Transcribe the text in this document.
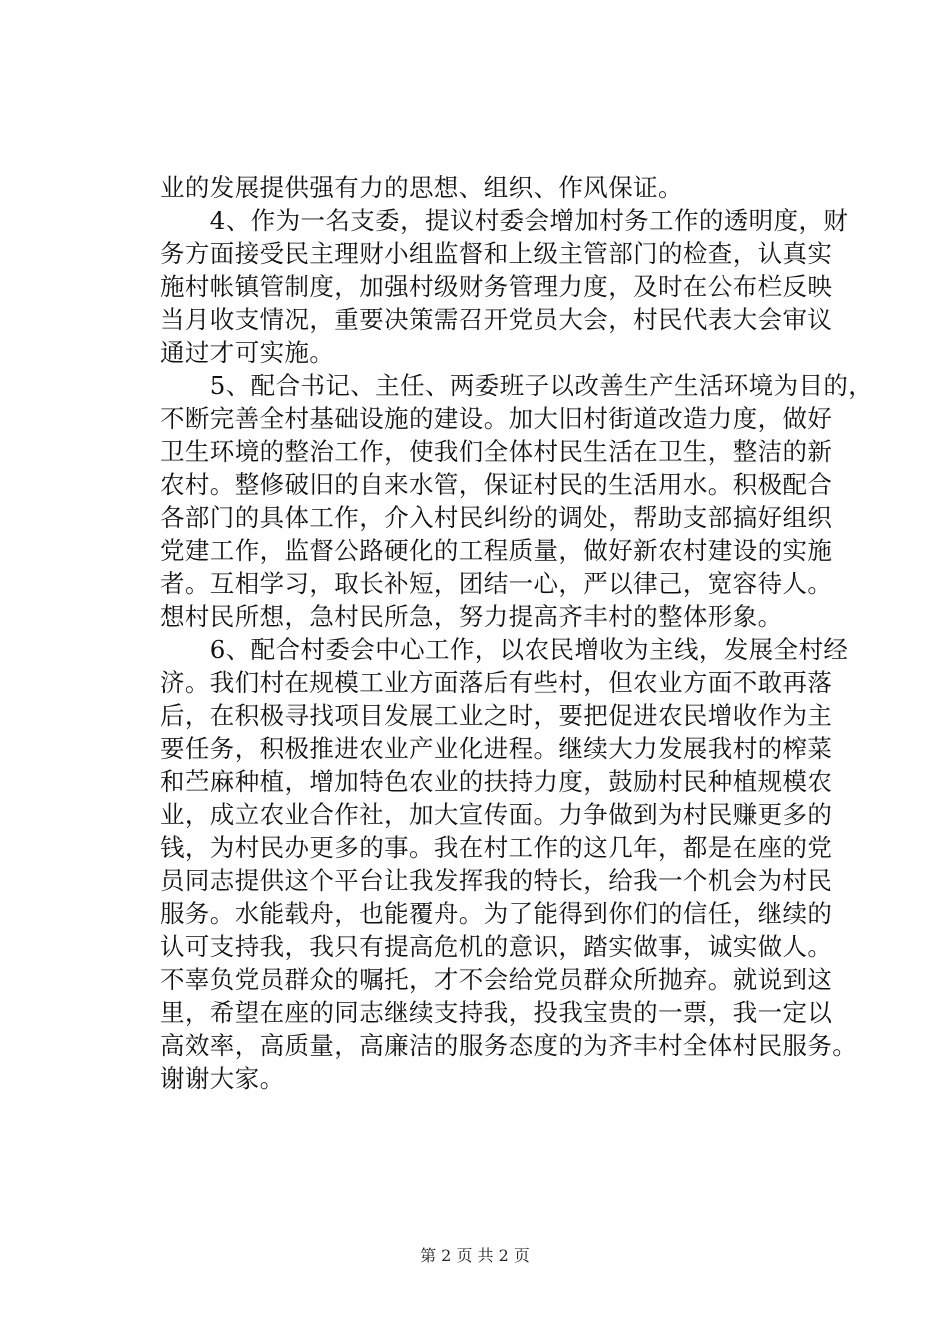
业的发展提供强有力的思想、组织、作风保证。
　　4、作为一名支委，提议村委会增加村务工作的透明度，财
务方面接受民主理财小组监督和上级主管部门的检查，认真实
施村帐镇管制度，加强村级财务管理力度，及时在公布栏反映
当月收支情况，重要决策需召开党员大会，村民代表大会审议
通过才可实施。
　　5、配合书记、主任、两委班子以改善生产生活环境为目的，
不断完善全村基础设施的建设。加大旧村街道改造力度，做好
卫生环境的整治工作，使我们全体村民生活在卫生，整洁的新
农村。整修破旧的自来水管，保证村民的生活用水。积极配合
各部门的具体工作，介入村民纠纷的调处，帮助支部搞好组织
党建工作，监督公路硬化的工程质量，做好新农村建设的实施
者。互相学习，取长补短，团结一心，严以律己，宽容待人。
想村民所想，急村民所急，努力提高齐丰村的整体形象。
　　6、配合村委会中心工作，以农民增收为主线，发展全村经
济。我们村在规模工业方面落后有些村，但农业方面不敢再落
后，在积极寻找项目发展工业之时，要把促进农民增收作为主
要任务，积极推进农业产业化进程。继续大力发展我村的榨菜
和苎麻种植，增加特色农业的扶持力度，鼓励村民种植规模农
业，成立农业合作社，加大宣传面。力争做到为村民赚更多的
钱，为村民办更多的事。我在村工作的这几年，都是在座的党
员同志提供这个平台让我发挥我的特长，给我一个机会为村民
服务。水能载舟，也能覆舟。为了能得到你们的信任，继续的
认可支持我，我只有提高危机的意识，踏实做事，诚实做人。
不辜负党员群众的嘱托，才不会给党员群众所抛弃。就说到这
里，希望在座的同志继续支持我，投我宝贵的一票，我一定以
高效率，高质量，高廉洁的服务态度的为齐丰村全体村民服务。
谢谢大家。
第 2 页 共 2 页
